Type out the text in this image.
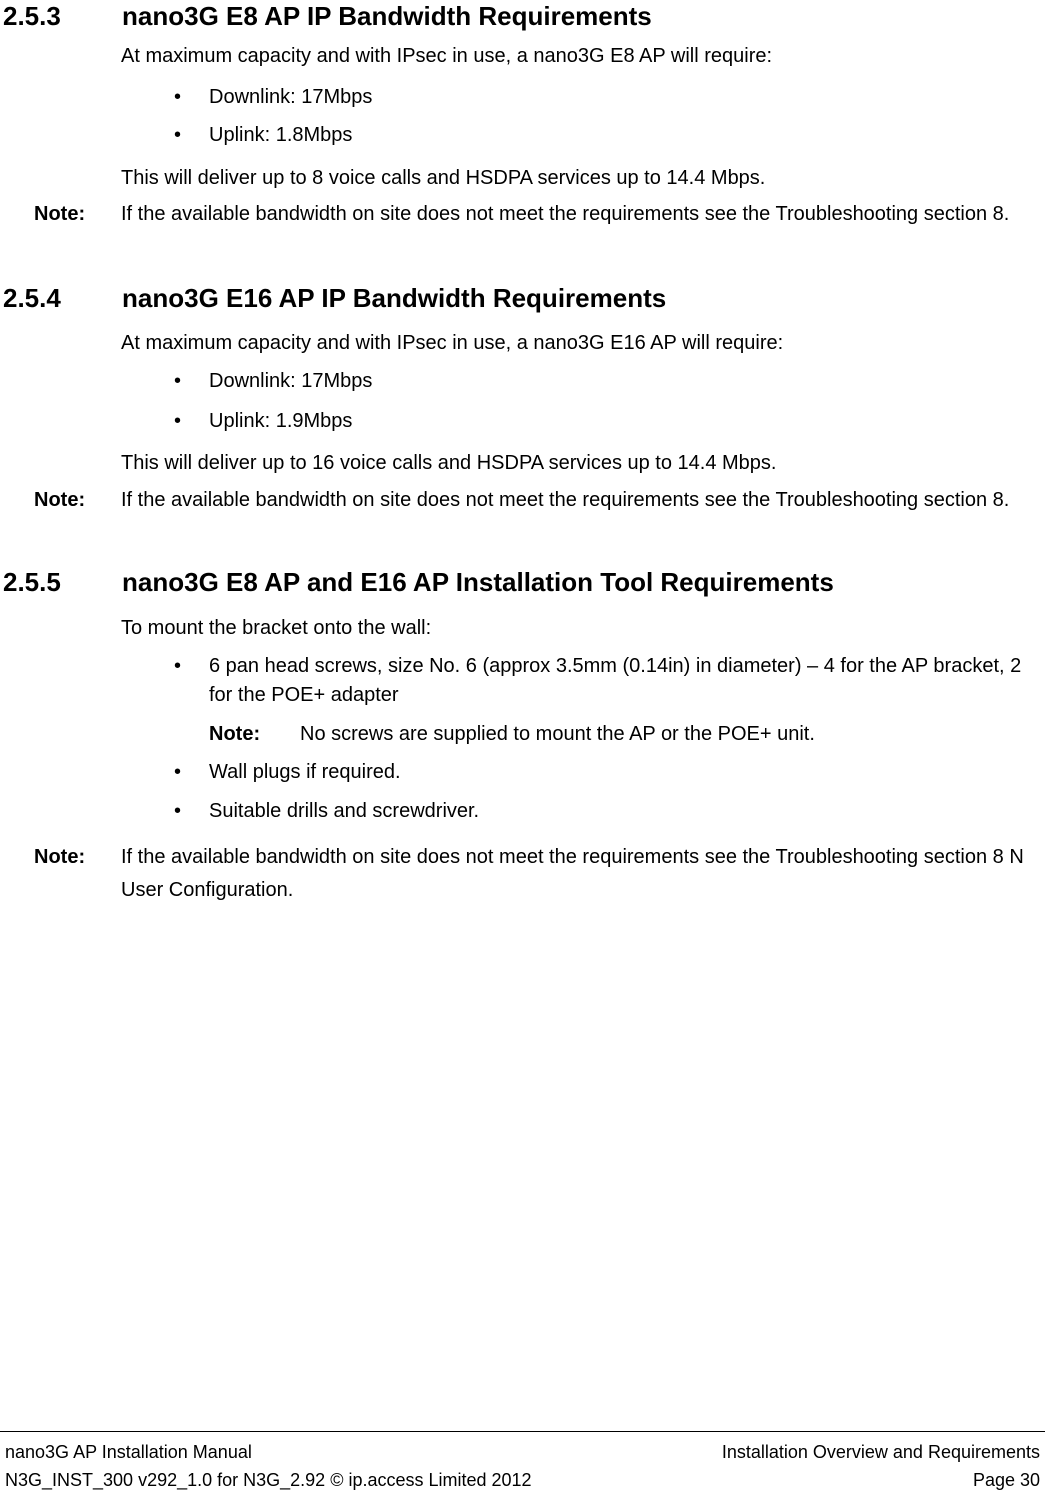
2.5.3 nano3G E8 AP IP Bandwidth Requirements
At maximum capacity and with IPsec in use, a nano3G E8 AP will require:
• Downlink: 17Mbps
• Uplink: 1.8Mbps
This will deliver up to 8 voice calls and HSDPA services up to 14.4 Mbps.
Note: If the available bandwidth on site does not meet the requirements see the Troubleshooting section 8.
2.5.4 nano3G E16 AP IP Bandwidth Requirements
At maximum capacity and with IPsec in use, a nano3G E16 AP will require:
• Downlink: 17Mbps
• Uplink: 1.9Mbps
This will deliver up to 16 voice calls and HSDPA services up to 14.4 Mbps.
Note: If the available bandwidth on site does not meet the requirements see the Troubleshooting section 8.
2.5.5 nano3G E8 AP and E16 AP Installation Tool Requirements
To mount the bracket onto the wall:
• 6 pan head screws, size No. 6 (approx 3.5mm (0.14in) in diameter) – 4 for the AP bracket, 2 for the POE+ adapter
Note: No screws are supplied to mount the AP or the POE+ unit.
• Wall plugs if required.
• Suitable drills and screwdriver.
Note: If the available bandwidth on site does not meet the requirements see the Troubleshooting section 8 N User Configuration.
nano3G AP Installation Manual
N3G_INST_300 v292_1.0 for N3G_2.92 © ip.access Limited 2012
Installation Overview and Requirements
Page 30
